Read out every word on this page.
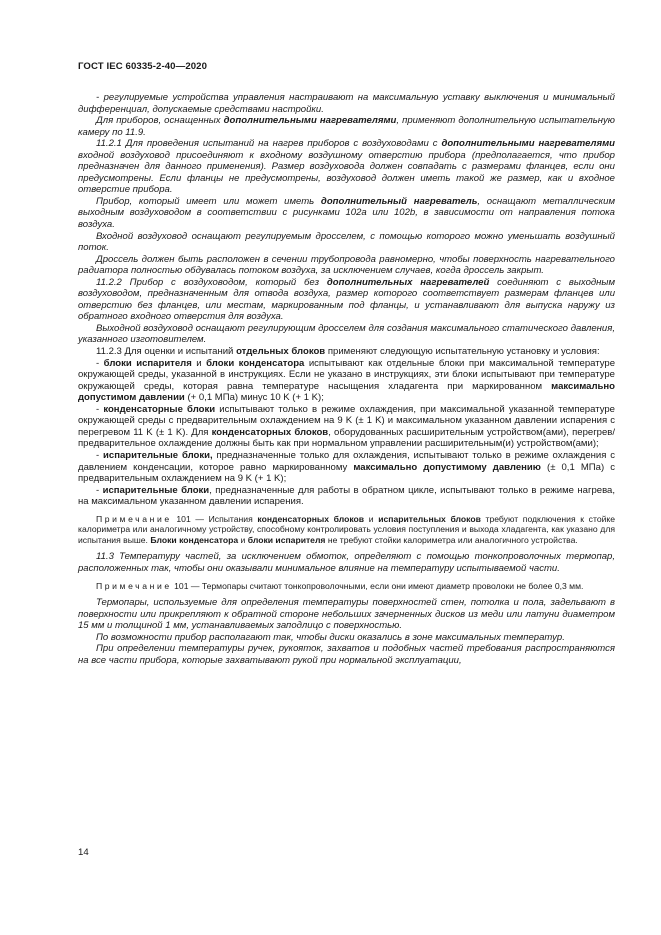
ГОСТ IEC 60335-2-40—2020

- регулируемые устройства управления настраивают на максимальную уставку выключения и минимальный дифференциал, допускаемые средствами настройки.

Для приборов, оснащенных дополнительными нагревателями, применяют дополнительную испытательную камеру по 11.9.

11.2.1 Для проведения испытаний на нагрев приборов с воздуховодами с дополнительными нагревателями входной воздуховод присоединяют к входному воздушному отверстию прибора (предполагается, что прибор предназначен для данного применения). Размер воздуховода должен совпадать с размерами фланцев, если они предусмотрены. Если фланцы не предусмотрены, воздуховод должен иметь такой же размер, как и входное отверстие прибора.

Прибор, который имеет или может иметь дополнительный нагреватель, оснащают металлическим выходным воздуховодом в соответствии с рисунками 102а или 102b, в зависимости от направления потока воздуха.

Входной воздуховод оснащают регулируемым дросселем, с помощью которого можно уменьшать воздушный поток.

Дроссель должен быть расположен в сечении трубопровода равномерно, чтобы поверхность нагревательного радиатора полностью обдувалась потоком воздуха, за исключением случаев, когда дроссель закрыт.

11.2.2 Прибор с воздуховодом, который без дополнительных нагревателей соединяют с выходным воздуховодом, предназначенным для отвода воздуха, размер которого соответствует размерам фланцев или отверстию без фланцев, или местам, маркированным под фланцы, и устанавливают для выпуска наружу из обратного входного отверстия для воздуха.

Выходной воздуховод оснащают регулирующим дросселем для создания максимального статического давления, указанного изготовителем.

11.2.3 Для оценки и испытаний отдельных блоков применяют следующую испытательную установку и условия:

- блоки испарителя и блоки конденсатора испытывают как отдельные блоки при максимальной температуре окружающей среды, указанной в инструкциях. Если не указано в инструкциях, эти блоки испытывают при температуре окружающей среды, которая равна температуре насыщения хладагента при маркированном максимально допустимом давлении (+ 0,1 МПа) минус 10 K (+ 1 K);

- конденсаторные блоки испытывают только в режиме охлаждения, при максимальной указанной температуре окружающей среды с предварительным охлаждением на 9 K (± 1 K) и максимальном указанном давлении испарения с перегревом 11 K (± 1 K). Для конденсаторных блоков, оборудованных расширительным устройством(ами), перегрев/предварительное охлаждение должны быть как при нормальном управлении расширительным(и) устройством(ами);

- испарительные блоки, предназначенные только для охлаждения, испытывают только в режиме охлаждения с давлением конденсации, которое равно маркированному максимально допустимому давлению (± 0,1 МПа) с предварительным охлаждением на 9 K (+ 1 K);

- испарительные блоки, предназначенные для работы в обратном цикле, испытывают только в режиме нагрева, на максимальном указанном давлении испарения.

Примечание 101 — Испытания конденсаторных блоков и испарительных блоков требуют подключения к стойке калориметра или аналогичному устройству, способному контролировать условия поступления и выхода хладагента, как указано для испытания выше. Блоки конденсатора и блоки испарителя не требуют стойки калориметра или аналогичного устройства.

11.3 Температуру частей, за исключением обмоток, определяют с помощью тонкопроволочных термопар, расположенных так, чтобы они оказывали минимальное влияние на температуру испытываемой части.

Примечание 101 — Термопары считают тонкопроволочными, если они имеют диаметр проволоки не более 0,3 мм.

Термопары, используемые для определения температуры поверхностей стен, потолка и пола, задельвают в поверхности или прикрепляют к обратной стороне небольших зачерненных дисков из меди или латуни диаметром 15 мм и толщиной 1 мм, устанавливаемых заподлицо с поверхностью.

По возможности прибор располагают так, чтобы диски оказались в зоне максимальных температур.

При определении температуры ручек, рукояток, захватов и подобных частей требования распространяются на все части прибора, которые захватывают рукой при нормальной эксплуатации,

14
